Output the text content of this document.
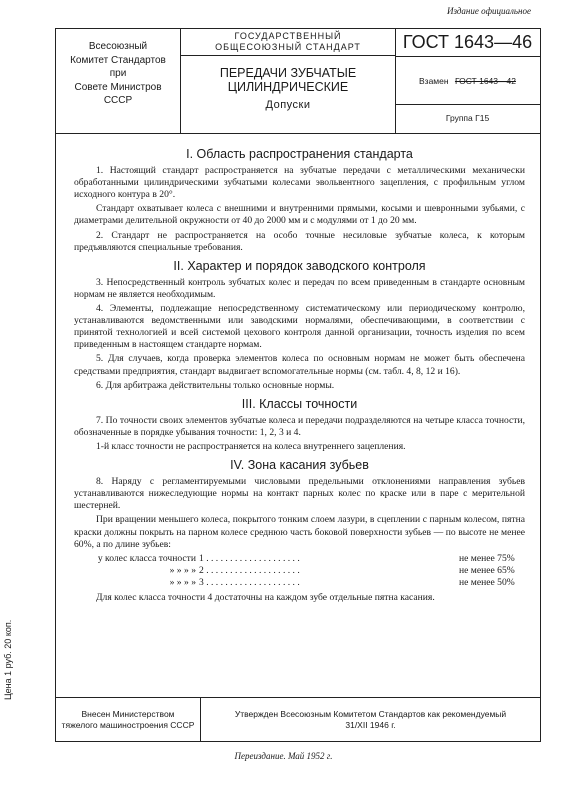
Издание официальное
Всесоюзный
Комитет Стандартов
при
Совете Министров
СССР
ГОСУДАРСТВЕННЫЙ
ОБЩЕСОЮЗНЫЙ СТАНДАРТ
ПЕРЕДАЧИ ЗУБЧАТЫЕ
ЦИЛИНДРИЧЕСКИЕ
Допуски
ГОСТ 1643—46
Взамен ГОСТ 1643—42
Группа Г15
I. Область распространения стандарта

1. Настоящий стандарт распространяется на зубчатые передачи с металлическими механически обработанными цилиндрическими зубчатыми колесами эвольвентного зацепления, с профильным углом исходного контура в 20°.

Стандарт охватывает колеса с внешними и внутренними прямыми, косыми и шевронными зубьями, с диаметрами делительной окружности от 40 до 2000 мм и с модулями от 1 до 20 мм.

2. Стандарт не распространяется на особо точные несиловые зубчатые колеса, к которым предъявляются специальные требования.

II. Характер и порядок заводского контроля

3. Непосредственный контроль зубчатых колес и передач по всем приведенным в стандарте основным нормам не является необходимым.

4. Элементы, подлежащие непосредственному систематическому или периодическому контролю, устанавливаются ведомственными или заводскими нормалями, обеспечивающими, в соответствии с принятой технологией и всей системой цехового контроля данной организации, точность изделия по всем приведенным в настоящем стандарте нормам.

5. Для случаев, когда проверка элементов колеса по основным нормам не может быть обеспечена средствами предприятия, стандарт выдвигает вспомогательные нормы (см. табл. 4, 8, 12 и 16).

6. Для арбитража действительны только основные нормы.

III. Классы точности

7. По точности своих элементов зубчатые колеса и передачи подразделяются на четыре класса точности, обозначенные в порядке убывания точности: 1, 2, 3 и 4.

1-й класс точности не распространяется на колеса внутреннего зацепления.

IV. Зона касания зубьев

8. Наряду с регламентируемыми числовыми предельными отклонениями направления зубьев устанавливаются нижеследующие нормы на контакт парных колес по краске или в паре с мерительной шестерней.

При вращении меньшего колеса, покрытого тонким слоем лазури, в сцеплении с парным колесом, пятна краски должны покрыть на парном колесе среднюю часть боковой поверхности зубьев — по высоте не менее 60%, а по длине зубьев:

у колес класса точности 1 . . . . . . . . . . . . . . . . . . . .	не менее 75%
» » » » 2 . . . . . . . . . . . . . . . . . . . .	не менее 65%
» » » » 3 . . . . . . . . . . . . . . . . . . . .	не менее 50%

Для колес класса точности 4 достаточны на каждом зубе отдельные пятна касания.

Внесен Министерством
тяжелого машиностроения СССР
Утвержден Всесоюзным Комитетом Стандартов как рекомендуемый
31/XII 1946 г.
Цена 1 руб. 20 коп.
Переиздание. Май 1952 г.
